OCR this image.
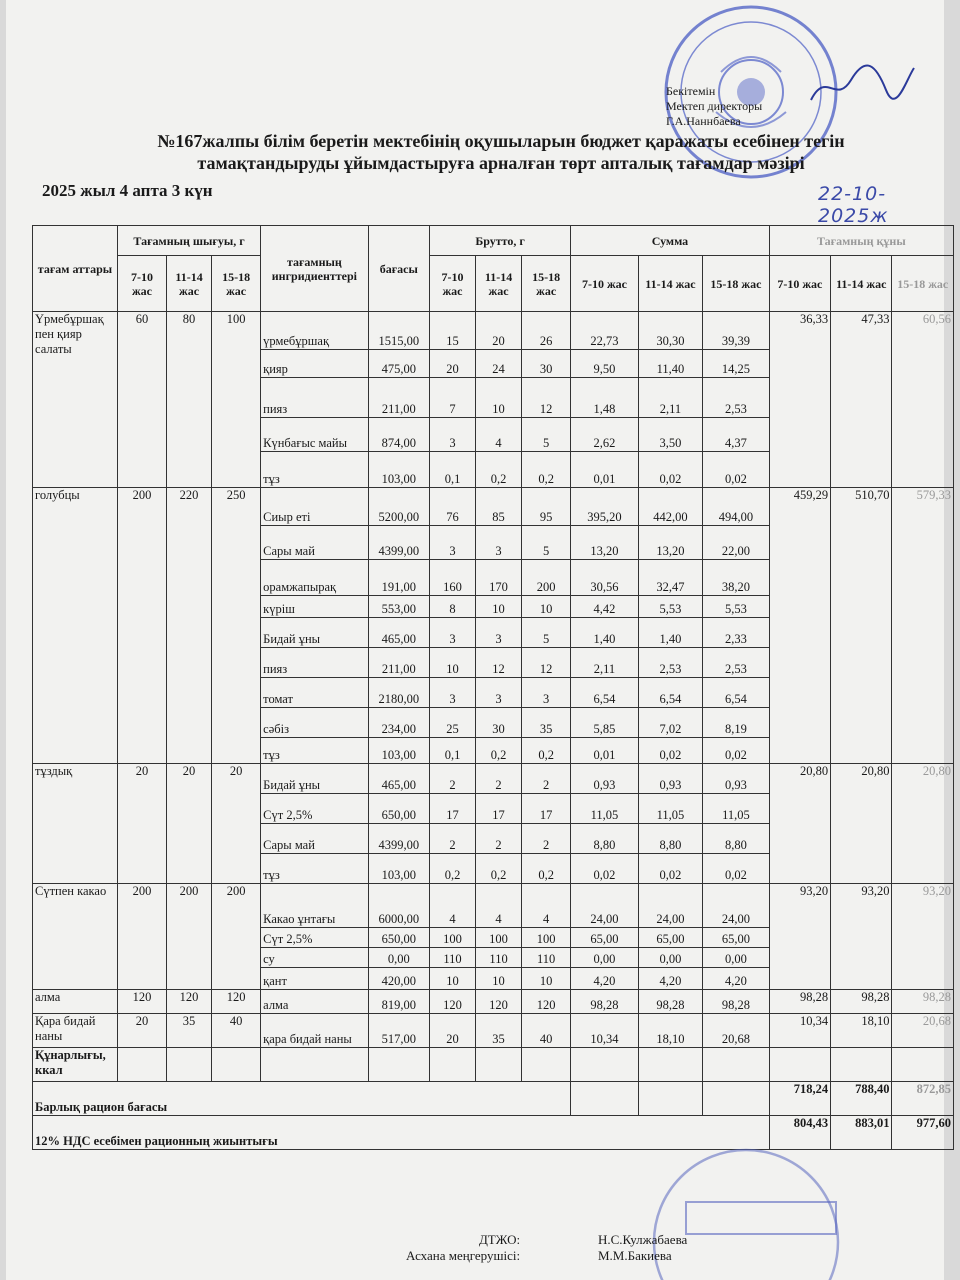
Бекітемін
Мектеп директоры
Г.А.Наннбаева
№167жалпы білім беретін мектебінің оқушыларын бюджет қаражаты есебінен тегін тамақтандыруды ұйымдастыруға арналған төрт апталық тағамдар мәзірі
2025 жыл 4 апта 3 күн	22-10-2025ж
тағам аттары	Тағамның шығуы, г			тағамның ингридиенттері	бағасы	Брутто, г			Сумма			Тағамның құны		
	7-10 жас	11-14 жас	15-18 жас			7-10 жас	11-14 жас	15-18 жас	7-10 жас	11-14 жас	15-18 жас	7-10 жас	11-14 жас	15-18 жас
Үрмебұршақ пен қияр салаты	60	80	100	үрмебұршақ	1515,00	15	20	26	22,73	30,30	39,39	36,33	47,33	60,56
				қияр	475,00	20	24	30	9,50	11,40	14,25			
				пияз	211,00	7	10	12	1,48	2,11	2,53			
				Күнбағыс майы	874,00	3	4	5	2,62	3,50	4,37			
				тұз	103,00	0,1	0,2	0,2	0,01	0,02	0,02			
голубцы	200	220	250	Сиыр еті	5200,00	76	85	95	395,20	442,00	494,00	459,29	510,70	579,33
				Сары май	4399,00	3	3	5	13,20	13,20	22,00			
				орамжапырақ	191,00	160	170	200	30,56	32,47	38,20			
				күріш	553,00	8	10	10	4,42	5,53	5,53			
				Бидай ұны	465,00	3	3	5	1,40	1,40	2,33			
				пияз	211,00	10	12	12	2,11	2,53	2,53			
				томат	2180,00	3	3	3	6,54	6,54	6,54			
				сәбіз	234,00	25	30	35	5,85	7,02	8,19			
				тұз	103,00	0,1	0,2	0,2	0,01	0,02	0,02			
тұздық	20	20	20	Бидай ұны	465,00	2	2	2	0,93	0,93	0,93	20,80	20,80	20,80
				Сүт 2,5%	650,00	17	17	17	11,05	11,05	11,05			
				Сары май	4399,00	2	2	2	8,80	8,80	8,80			
				тұз	103,00	0,2	0,2	0,2	0,02	0,02	0,02			
Сүтпен какао	200	200	200	Какао ұнтағы	6000,00	4	4	4	24,00	24,00	24,00	93,20	93,20	93,20
				Сүт 2,5%	650,00	100	100	100	65,00	65,00	65,00			
				су	0,00	110	110	110	0,00	0,00	0,00			
				қант	420,00	10	10	10	4,20	4,20	4,20			
алма	120	120	120	алма	819,00	120	120	120	98,28	98,28	98,28	98,28	98,28	98,28
Қара бидай наны	20	35	40	қара бидай наны	517,00	20	35	40	10,34	18,10	20,68	10,34	18,10	20,68
Құнарлығы, ккал														
Барлық рацион бағасы												718,24	788,40	872,85
12% НДС есебімен рационның жиынтығы												804,43	883,01	977,60
ДТЖО:
Асхана меңгерушісі:
Н.С.Кулжабаева
М.М.Бакиева
